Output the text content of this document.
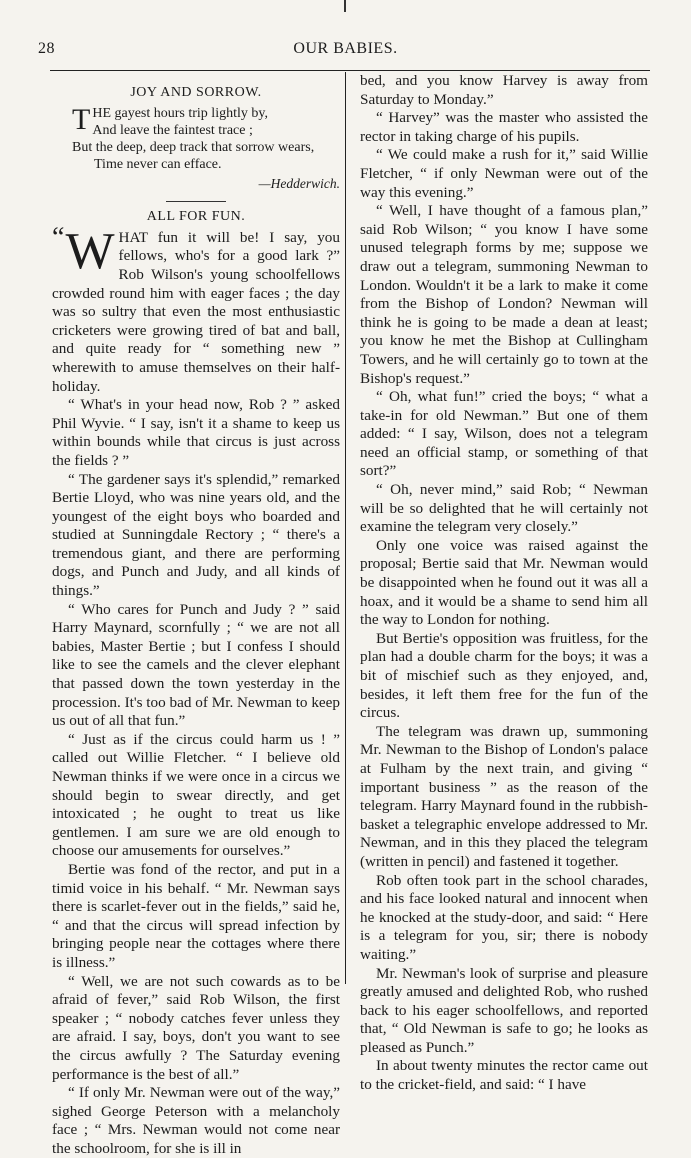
28	OUR BABIES.
JOY AND SORROW.
THE gayest hours trip lightly by,
And leave the faintest trace ;
But the deep, deep track that sorrow wears,
Time never can efface.
—Hedderwich.
ALL FOR FUN.

“ W HAT fun it will be! I say, you fellows, who's for a good lark ?” Rob Wilson's young schoolfellows crowded round him with eager faces ; the day was so sultry that even the most enthusiastic cricketers were growing tired of bat and ball, and quite ready for “ something new ” wherewith to amuse themselves on their half-holiday.

“ What's in your head now, Rob ? ” asked Phil Wyvie. “ I say, isn't it a shame to keep us within bounds while that circus is just across the fields ? ”

“ The gardener says it's splendid,” remarked Bertie Lloyd, who was nine years old, and the youngest of the eight boys who boarded and studied at Sunningdale Rectory ; “ there's a tremendous giant, and there are performing dogs, and Punch and Judy, and all kinds of things.”

“ Who cares for Punch and Judy ? ” said Harry Maynard, scornfully ; “ we are not all babies, Master Bertie ; but I confess I should like to see the camels and the clever elephant that passed down the town yesterday in the procession. It's too bad of Mr. Newman to keep us out of all that fun.”

“ Just as if the circus could harm us ! ” called out Willie Fletcher. “ I believe old Newman thinks if we were once in a circus we should begin to swear directly, and get intoxicated ; he ought to treat us like gentlemen. I am sure we are old enough to choose our amusements for ourselves.”

Bertie was fond of the rector, and put in a timid voice in his behalf. “ Mr. Newman says there is scarlet-fever out in the fields,” said he, “ and that the circus will spread infection by bringing people near the cottages where there is illness.”

“ Well, we are not such cowards as to be afraid of fever,” said Rob Wilson, the first speaker ; “ nobody catches fever unless they are afraid. I say, boys, don't you want to see the circus awfully ? The Saturday evening performance is the best of all.”

“ If only Mr. Newman were out of the way,” sighed George Peterson with a melancholy face ; “ Mrs. Newman would not come near the schoolroom, for she is ill in

bed, and you know Harvey is away from Saturday to Monday.”

“ Harvey” was the master who assisted the rector in taking charge of his pupils.

“ We could make a rush for it,” said Willie Fletcher, “ if only Newman were out of the way this evening.”

“ Well, I have thought of a famous plan,” said Rob Wilson; “ you know I have some unused telegraph forms by me; suppose we draw out a telegram, summoning Newman to London. Wouldn't it be a lark to make it come from the Bishop of London? Newman will think he is going to be made a dean at least; you know he met the Bishop at Cullingham Towers, and he will certainly go to town at the Bishop's request.”

“ Oh, what fun!” cried the boys; “ what a take-in for old Newman.” But one of them added: “ I say, Wilson, does not a telegram need an official stamp, or something of that sort?”

“ Oh, never mind,” said Rob; “ Newman will be so delighted that he will certainly not examine the telegram very closely.”

Only one voice was raised against the proposal; Bertie said that Mr. Newman would be disappointed when he found out it was all a hoax, and it would be a shame to send him all the way to London for nothing.

But Bertie's opposition was fruitless, for the plan had a double charm for the boys; it was a bit of mischief such as they enjoyed, and, besides, it left them free for the fun of the circus.

The telegram was drawn up, summoning Mr. Newman to the Bishop of London's palace at Fulham by the next train, and giving “ important business ” as the reason of the telegram. Harry Maynard found in the rubbish-basket a telegraphic envelope addressed to Mr. Newman, and in this they placed the telegram (written in pencil) and fastened it together.

Rob often took part in the school charades, and his face looked natural and innocent when he knocked at the study-door, and said: “ Here is a telegram for you, sir; there is nobody waiting.”

Mr. Newman's look of surprise and pleasure greatly amused and delighted Rob, who rushed back to his eager schoolfellows, and reported that, “ Old Newman is safe to go; he looks as pleased as Punch.”

In about twenty minutes the rector came out to the cricket-field, and said: “ I have
